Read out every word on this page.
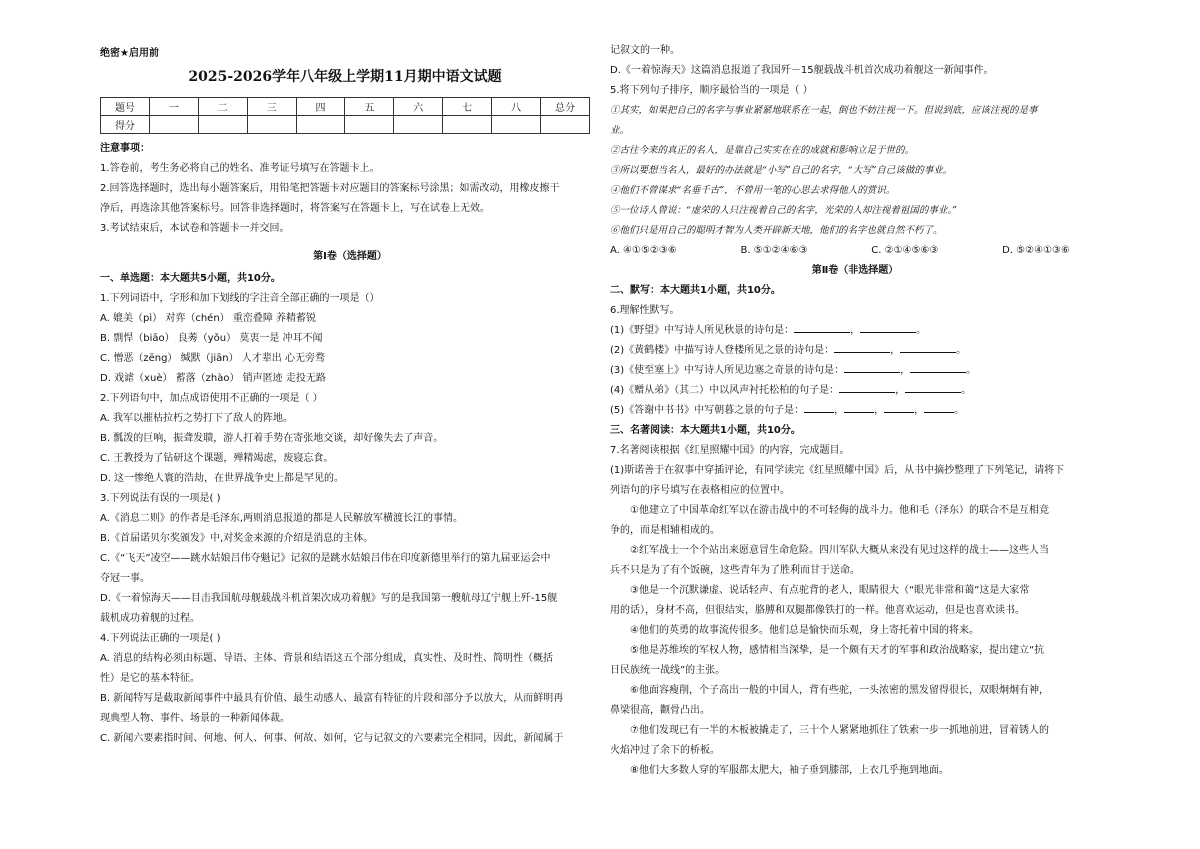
绝密★启用前
2025-2026学年八年级上学期11月期中语文试题
题号	一	二	三	四	五	六	七	八	总分
得分									
注意事项：
1.答卷前，考生务必将自己的姓名、准考证号填写在答题卡上。
2.回答选择题时，选出每小题答案后，用铅笔把答题卡对应题目的答案标号涂黑；如需改动，用橡皮擦干
净后，再选涂其他答案标号。回答非选择题时，将答案写在答题卡上，写在试卷上无效。
3.考试结束后，本试卷和答题卡一并交回。
第Ⅰ卷（选择题）
一、单选题：本大题共5小题，共10分。
1.下列词语中，字形和加下划线的字注音全部正确的一项是（）
A. 媲美（pì） 对弈（chén） 重峦叠障 养精蓄锐
B. 剽悍（biāo） 良莠（yǒu） 莫衷一是 冲耳不闻
C. 憎恶（zēng） 缄默（jiān） 人才辈出 心无旁骛
D. 戏谑（xuè） 蓄落（zhào） 销声匿迹 走投无路
2.下列语句中，加点成语使用不正确的一项是（ ）
A. 我军以摧枯拉朽之势打下了敌人的阵地。
B. 瓢泼的巨响，振聋发聩，游人打着手势在寄张地交谈，却好像失去了声音。
C. 王教授为了钻研这个课题，殚精竭虑，废寝忘食。
D. 这一惨绝人寰的浩劫，在世界战争史上都是罕见的。
3.下列说法有误的一项是( )
A.《消息二则》的作者是毛泽东,两则消息报道的都是人民解放军横渡长江的事情。
B.《首届诺贝尔奖颁发》中,对奖金来源的介绍是消息的主体。
C.《“飞天”凌空——跳水姑娘吕伟夺魁记》记叙的是跳水姑娘吕伟在印度新德里举行的第九届亚运会中
夺冠一事。
D.《一着惊海天——目击我国航母舰载战斗机首架次成功着舰》写的是我国第一艘航母辽宁舰上歼-15舰
载机成功着舰的过程。
4.下列说法正确的一项是( )
A. 消息的结构必须由标题、导语、主体、背景和结语这五个部分组成，真实性、及时性、简明性（概括
性）是它的基本特征。
B. 新闻特写是截取新闻事件中最具有价值、最生动感人、最富有特征的片段和部分予以放大，从而鲜明再
现典型人物、事件、场景的一种新闻体裁。
C. 新闻六要素指时间、何地、何人、何事、何故、如何，它与记叙文的六要素完全相同，因此，新闻属于
记叙文的一种。
D.《一着惊海天》这篇消息报道了我国歼－15舰载战斗机首次成功着舰这一新闻事件。
5.将下列句子排序，顺序最恰当的一项是（ ）
①其实，如果把自己的名字与事业紧紧地联系在一起，倒也不妨注视一下。但说到底，应该注视的是事
业。
②古往今来的真正的名人，是靠自己实实在在的成就和影响立足于世的。
③所以要想当名人，最好的办法就是“小写”自己的名字，“大写”自己该做的事业。
④他们不曾谋求“名垂千古”，不曾用一笔的心思去求得他人的赏识。
⑤一位诗人曾说：“虚荣的人只注视着自己的名字，光荣的人却注视着祖国的事业。”
⑥他们只是用自己的聪明才智为人类开辟新天地，他们的名字也就自然不朽了。
A. ④①⑤②③⑥	B. ⑤①②④⑥③	C. ②①④⑤⑥③	D. ⑤②④①③⑥
第Ⅱ卷（非选择题）
二、默写：本大题共1小题，共10分。
6.理解性默写。
(1)《野望》中写诗人所见秋景的诗句是：	，	。
(2)《黄鹤楼》中描写诗人登楼所见之景的诗句是：	，	。
(3)《使至塞上》中写诗人所见边塞之奇景的诗句是：	，	。
(4)《赠从弟》（其二）中以风声衬托松柏的句子是：	，	。
(5)《答谢中书书》中写朝暮之景的句子是：	，	，	，	。
三、名著阅读：本大题共1小题，共10分。
7.名著阅读根据《红星照耀中国》的内容，完成题目。
(1)斯诺善于在叙事中穿插评论，有同学读完《红星照耀中国》后，从书中摘抄整理了下列笔记，请将下
列语句的序号填写在表格相应的位置中。
①他建立了中国革命红军以在游击战中的不可轻侮的战斗力。他和毛（泽东）的联合不是互相竞
争的，而是相辅相成的。
②红军战士一个个站出来愿意冒生命危险。四川军队大概从来没有见过这样的战士——这些人当
兵不只是为了有个饭碗，这些青年为了胜利而甘于送命。
③他是一个沉默谦虚、说话轻声、有点驼背的老人，眼睛很大（“眼光非常和蔼”这是大家常
用的话），身材不高，但很结实，胳膊和双腿都像铁打的一样。他喜欢运动，但是也喜欢读书。
④他们的英勇的故事流传很多。他们总是愉快而乐观，身上寄托着中国的将来。
⑤他是苏维埃的军权人物，感情相当深挚，是一个颇有天才的军事和政治战略家，提出建立“抗
日民族统一战线”的主张。
⑥他面容瘦削，个子高出一般的中国人，背有些驼，一头浓密的黑发留得很长，双眼炯炯有神，
鼻梁很高，颧骨凸出。
⑦他们发现已有一半的木板被撬走了，三十个人紧紧地抓住了铁索一步一抓地前进，冒着锈人的
火焰冲过了余下的桥板。
⑧他们大多数人穿的军服都太肥大，袖子垂到膝部，上衣几乎拖到地面。
